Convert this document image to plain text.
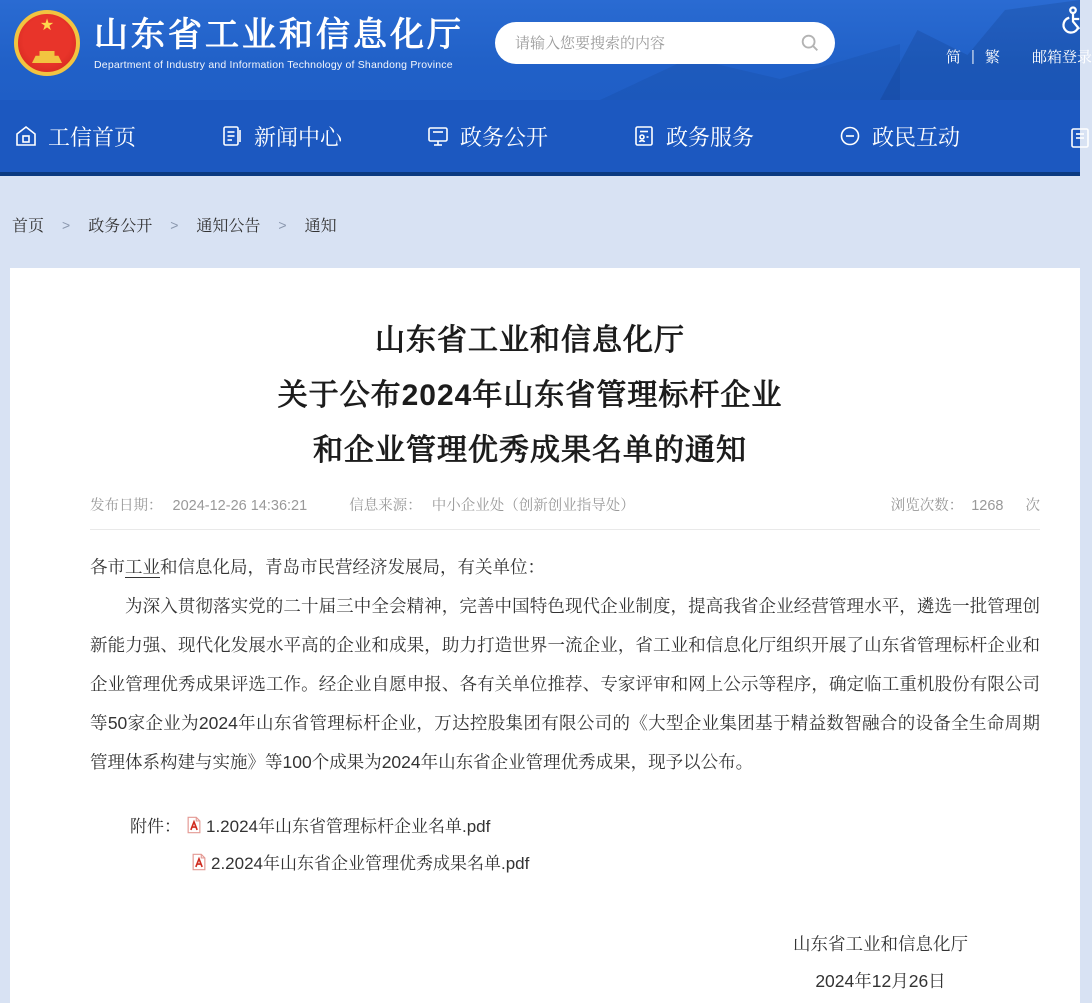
★ 山东省工业和信息化厅
Department of Industry and Information Technology of Shandong Province
请输入您要搜索的内容	简 | 繁 邮箱登录
工信首页	新闻中心	政务公开	政务服务	政民互动
首页 > 政务公开 > 通知公告 > 通知
山东省工业和信息化厅
关于公布2024年山东省管理标杆企业
和企业管理优秀成果名单的通知
发布日期： 2024-12-26 14:36:21	信息来源： 中小企业处（创新创业指导处）	浏览次数： 1268 次

各市工业和信息化局，青岛市民营经济发展局，有关单位：

为深入贯彻落实党的二十届三中全会精神，完善中国特色现代企业制度，提高我省企业经营管理水平，遴选一批管理创新能力强、现代化发展水平高的企业和成果，助力打造世界一流企业，省工业和信息化厅组织开展了山东省管理标杆企业和企业管理优秀成果评选工作。经企业自愿申报、各有关单位推荐、专家评审和网上公示等程序，确定临工重机股份有限公司等50家企业为2024年山东省管理标杆企业，万达控股集团有限公司的《大型企业集团基于精益数智融合的设备全生命周期管理体系构建与实施》等100个成果为2024年山东省企业管理优秀成果，现予以公布。

附件： 1.2024年山东省管理标杆企业名单.pdf
2.2024年山东省企业管理优秀成果名单.pdf
山东省工业和信息化厅
2024年12月26日
